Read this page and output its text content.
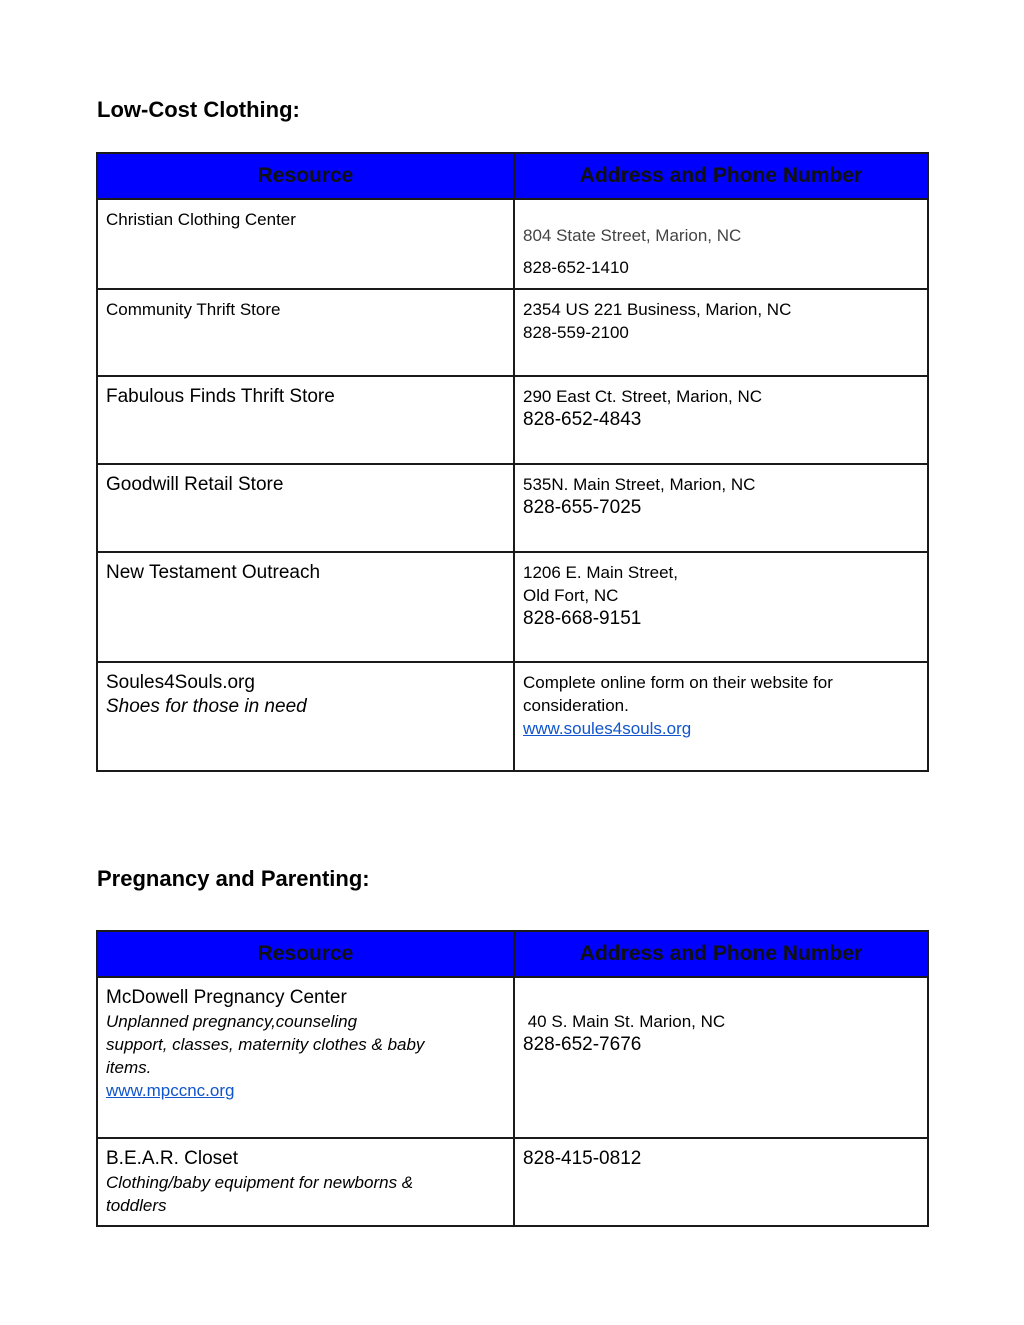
Low-Cost Clothing:
Resource	Address and Phone Number

Christian Clothing Center	804 State Street, Marion, NC
828-652-1410

Community Thrift Store	2354 US 221 Business, Marion, NC
828-559-2100

Fabulous Finds Thrift Store	290 East Ct. Street, Marion, NC
828-652-4843

Goodwill Retail Store	535N. Main Street, Marion, NC
828-655-7025

New Testament Outreach	1206 E. Main Street,
Old Fort, NC
828-668-9151

Soules4Souls.org
Shoes for those in need	Complete online form on their website for
consideration.
www.soules4souls.org
Pregnancy and Parenting:
Resource	Address and Phone Number

McDowell Pregnancy Center
Unplanned pregnancy,counseling
support, classes, maternity clothes & baby
items.
www.mpccnc.org	40 S. Main St. Marion, NC
828-652-7676

B.E.A.R. Closet
Clothing/baby equipment for newborns &
toddlers	828-415-0812
